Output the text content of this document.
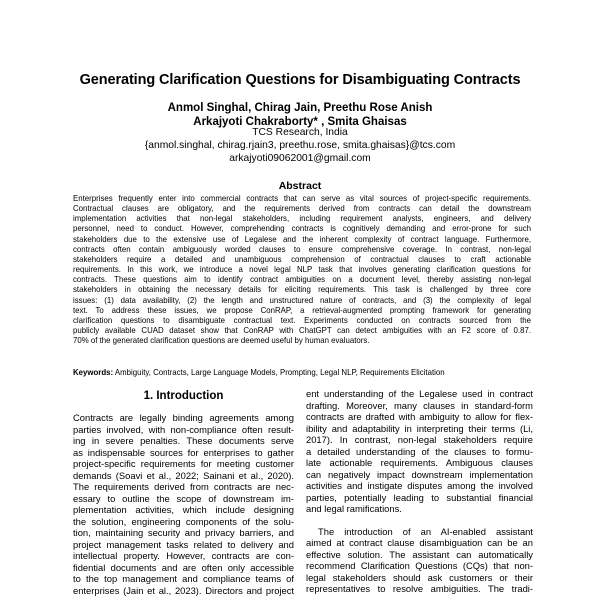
Generating Clarification Questions for Disambiguating Contracts
Anmol Singhal, Chirag Jain, Preethu Rose Anish
Arkajyoti Chakraborty* , Smita Ghaisas
TCS Research, India
{anmol.singhal, chirag.rjain3, preethu.rose, smita.ghaisas}@tcs.com
arkajyoti09062001@gmail.com
Abstract
Enterprises frequently enter into commercial contracts that can serve as vital sources of project-specific requirements.
Contractual clauses are obligatory, and the requirements derived from contracts can detail the downstream
implementation activities that non-legal stakeholders, including requirement analysts, engineers, and delivery
personnel, need to conduct. However, comprehending contracts is cognitively demanding and error-prone for such
stakeholders due to the extensive use of Legalese and the inherent complexity of contract language. Furthermore,
contracts often contain ambiguously worded clauses to ensure comprehensive coverage. In contrast, non-legal
stakeholders require a detailed and unambiguous comprehension of contractual clauses to craft actionable
requirements. In this work, we introduce a novel legal NLP task that involves generating clarification questions for
contracts. These questions aim to identify contract ambiguities on a document level, thereby assisting non-legal
stakeholders in obtaining the necessary details for eliciting requirements. This task is challenged by three core
issues: (1) data availability, (2) the length and unstructured nature of contracts, and (3) the complexity of legal
text. To address these issues, we propose ConRAP, a retrieval-augmented prompting framework for generating
clarification questions to disambiguate contractual text. Experiments conducted on contracts sourced from the
publicly available CUAD dataset show that ConRAP with ChatGPT can detect ambiguities with an F2 score of 0.87.
70% of the generated clarification questions are deemed useful by human evaluators.
Keywords: Ambiguity, Contracts, Large Language Models, Prompting, Legal NLP, Requirements Elicitation
1. Introduction
Contracts are legally binding agreements among
parties involved, with non-compliance often result-
ing in severe penalties. These documents serve
as indispensable sources for enterprises to gather
project-specific requirements for meeting customer
demands (Soavi et al., 2022; Sainani et al., 2020).
The requirements derived from contracts are nec-
essary to outline the scope of downstream im-
plementation activities, which include designing
the solution, engineering components of the solu-
tion, maintaining security and privacy barriers, and
project management tasks related to delivery and
intellectual property. However, contracts are con-
fidential documents and are often only accessible
to the top management and compliance teams of
enterprises (Jain et al., 2023). Directors and project
ent understanding of the Legalese used in contract
drafting. Moreover, many clauses in standard-form
contracts are drafted with ambiguity to allow for flex-
ibility and adaptability in interpreting their terms (Li,
2017). In contrast, non-legal stakeholders require
a detailed understanding of the clauses to formu-
late actionable requirements. Ambiguous clauses
can negatively impact downstream implementation
activities and instigate disputes among the involved
parties, potentially leading to substantial financial
and legal ramifications.
The introduction of an AI-enabled assistant
aimed at contract clause disambiguation can be an
effective solution. The assistant can automatically
recommend Clarification Questions (CQs) that non-
legal stakeholders should ask customers or their
representatives to resolve ambiguities. The tradi-
